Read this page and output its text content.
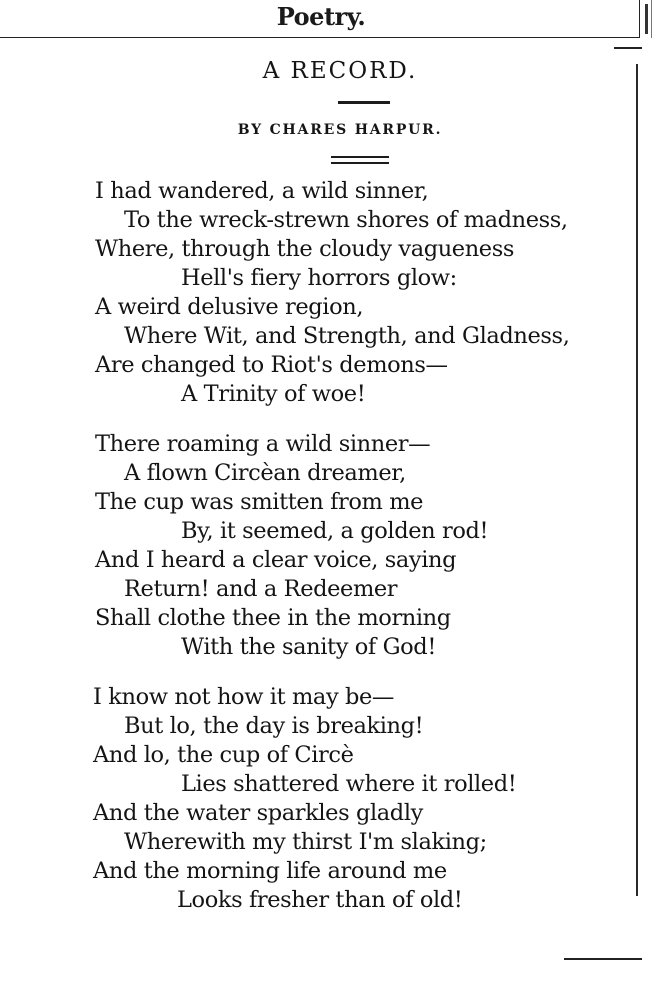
Poetry.
A RECORD.
BY CHARES HARPUR.
I had wandered, a wild sinner,
To the wreck-strewn shores of madness,
Where, through the cloudy vagueness
Hell's fiery horrors glow:
A weird delusive region,
Where Wit, and Strength, and Gladness,
Are changed to Riot's demons—
A Trinity of woe!
There roaming a wild sinner—
A flown Circèan dreamer,
The cup was smitten from me
By, it seemed, a golden rod!
And I heard a clear voice, saying
Return! and a Redeemer
Shall clothe thee in the morning
With the sanity of God!
I know not how it may be—
But lo, the day is breaking!
And lo, the cup of Circè
Lies shattered where it rolled!
And the water sparkles gladly
Wherewith my thirst I'm slaking;
And the morning life around me
Looks fresher than of old!
